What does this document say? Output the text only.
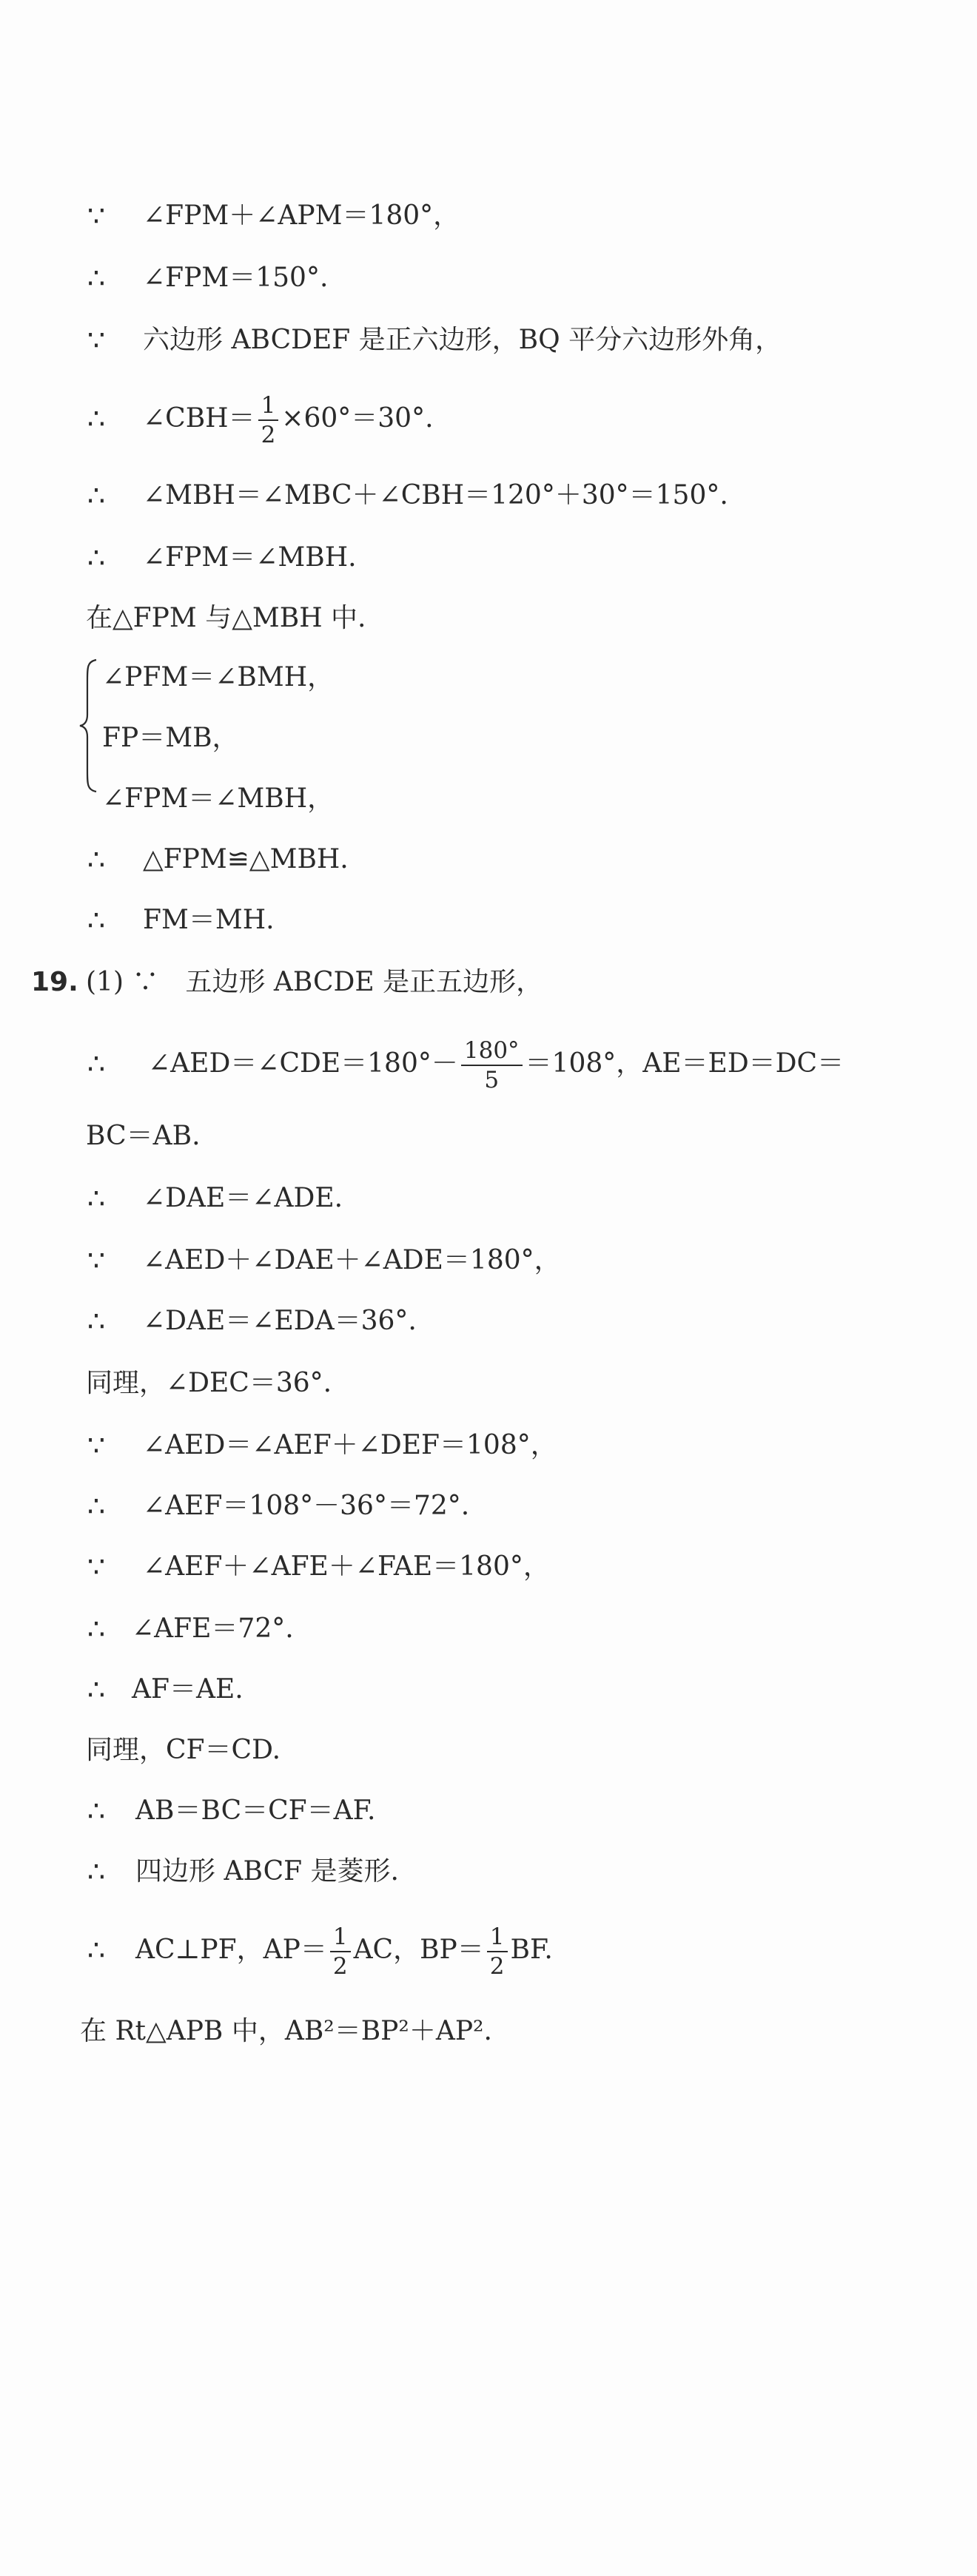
∵ ∠FPM＋∠APM＝180°，
∴ ∠FPM＝150°.
∵ 六边形 ABCDEF 是正六边形，BQ 平分六边形外角，
∴ ∠CBH＝ $\frac{1}{2} \times 60^\circ=30^\circ$.
∴ ∠MBH＝∠MBC＋∠CBH＝120°＋30°＝150°.
∴ ∠FPM＝∠MBH.
在△FPM 与△MBH 中.
∠PFM＝∠BMH，
FP＝MB，
∠FPM＝∠MBH，
∴ △FPM≌△MBH.
∴ FM＝MH.
19. (1) ∵　五边形 ABCDE 是正五边形，
∴ ∠AED＝∠CDE＝180°－ $\frac{180^\circ}{5} =108^\circ$，AE＝ED＝DC＝
BC＝AB.
∴ ∠DAE＝∠ADE.
∵ ∠AED＋∠DAE＋∠ADE＝180°，
∴ ∠DAE＝∠EDA＝36°.
同理，∠DEC＝36°.
∵ ∠AED＝∠AEF＋∠DEF＝108°，
∴ ∠AEF＝108°－36°＝72°.
∵ ∠AEF＋∠AFE＋∠FAE＝180°，
∴ ∠AFE＝72°.
∴ AF＝AE.
同理，CF＝CD.
∴ AB＝BC＝CF＝AF.
∴ 四边形 ABCF 是菱形.
∴ AC⊥PF，$AP= \frac{1}{2}$ AC，$BP= \frac{1}{2}$ BF.
在 Rt△APB 中，AB²＝BP²＋AP².
